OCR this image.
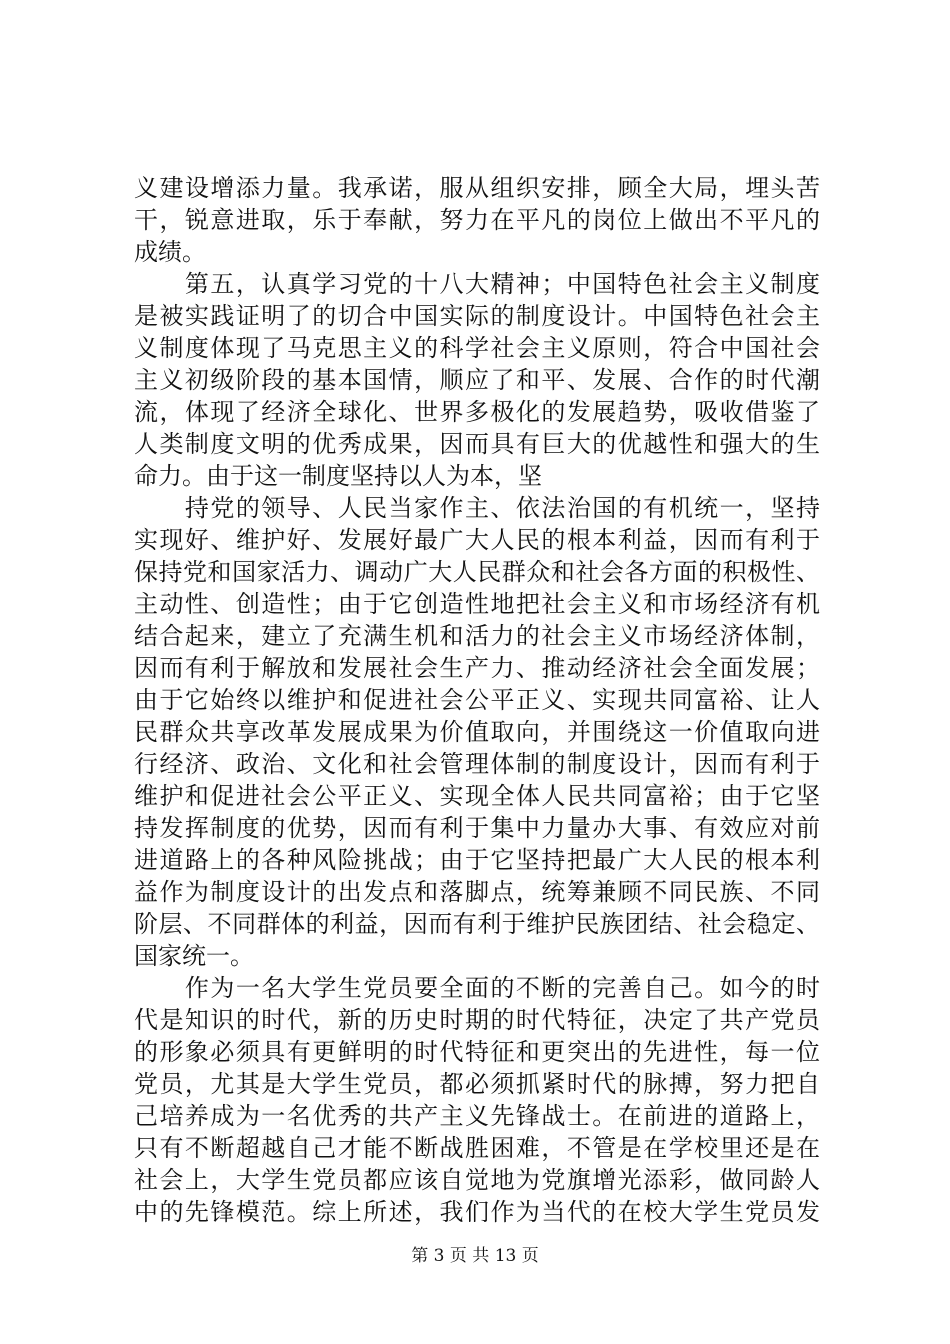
义建设增添力量。我承诺，服从组织安排，顾全大局，埋头苦
干，锐意进取，乐于奉献，努力在平凡的岗位上做出不平凡的
成绩。
　　第五，认真学习党的十八大精神；中国特色社会主义制度
是被实践证明了的切合中国实际的制度设计。中国特色社会主
义制度体现了马克思主义的科学社会主义原则，符合中国社会
主义初级阶段的基本国情，顺应了和平、发展、合作的时代潮
流，体现了经济全球化、世界多极化的发展趋势，吸收借鉴了
人类制度文明的优秀成果，因而具有巨大的优越性和强大的生
命力。由于这一制度坚持以人为本，坚
　　持党的领导、人民当家作主、依法治国的有机统一，坚持
实现好、维护好、发展好最广大人民的根本利益，因而有利于
保持党和国家活力、调动广大人民群众和社会各方面的积极性、
主动性、创造性；由于它创造性地把社会主义和市场经济有机
结合起来，建立了充满生机和活力的社会主义市场经济体制，
因而有利于解放和发展社会生产力、推动经济社会全面发展；
由于它始终以维护和促进社会公平正义、实现共同富裕、让人
民群众共享改革发展成果为价值取向，并围绕这一价值取向进
行经济、政治、文化和社会管理体制的制度设计，因而有利于
维护和促进社会公平正义、实现全体人民共同富裕；由于它坚
持发挥制度的优势，因而有利于集中力量办大事、有效应对前
进道路上的各种风险挑战；由于它坚持把最广大人民的根本利
益作为制度设计的出发点和落脚点，统筹兼顾不同民族、不同
阶层、不同群体的利益，因而有利于维护民族团结、社会稳定、
国家统一。
　　作为一名大学生党员要全面的不断的完善自己。如今的时
代是知识的时代，新的历史时期的时代特征，决定了共产党员
的形象必须具有更鲜明的时代特征和更突出的先进性，每一位
党员，尤其是大学生党员，都必须抓紧时代的脉搏，努力把自
己培养成为一名优秀的共产主义先锋战士。在前进的道路上，
只有不断超越自己才能不断战胜困难，不管是在学校里还是在
社会上，大学生党员都应该自觉地为党旗增光添彩，做同龄人
中的先锋模范。综上所述，我们作为当代的在校大学生党员发
第 3 页 共 13 页
